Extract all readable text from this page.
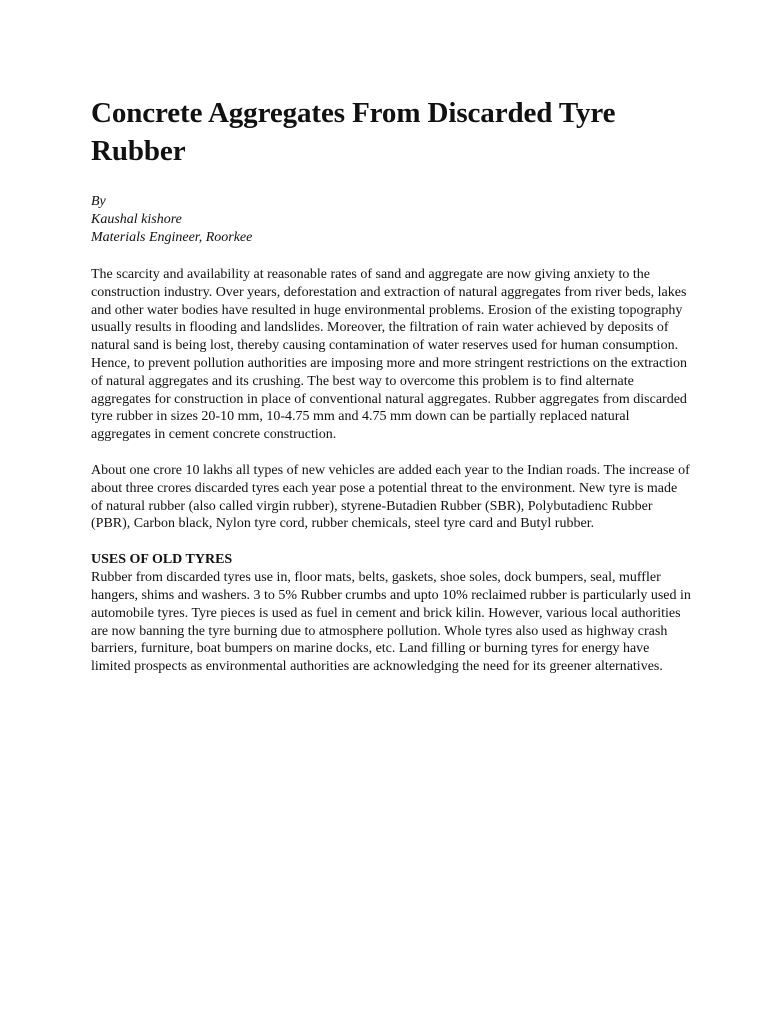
Concrete Aggregates From Discarded Tyre Rubber
By
Kaushal kishore
Materials Engineer, Roorkee

The scarcity and availability at reasonable rates of sand and aggregate are now giving anxiety to the construction industry. Over years, deforestation and extraction of natural aggregates from river beds, lakes and other water bodies have resulted in huge environmental problems. Erosion of the existing topography usually results in flooding and landslides. Moreover, the filtration of rain water achieved by deposits of natural sand is being lost, thereby causing contamination of water reserves used for human consumption. Hence, to prevent pollution authorities are imposing more and more stringent restrictions on the extraction of natural aggregates and its crushing. The best way to overcome this problem is to find alternate aggregates for construction in place of conventional natural aggregates. Rubber aggregates from discarded tyre rubber in sizes 20-10 mm, 10-4.75 mm and 4.75 mm down can be partially replaced natural aggregates in cement concrete construction.

About one crore 10 lakhs all types of new vehicles are added each year to the Indian roads. The increase of about three crores discarded tyres each year pose a potential threat to the environment. New tyre is made of natural rubber (also called virgin rubber), styrene-Butadien Rubber (SBR), Polybutadienc Rubber (PBR), Carbon black, Nylon tyre cord, rubber chemicals, steel tyre card and Butyl rubber.

USES OF OLD TYRES

Rubber from discarded tyres use in, floor mats, belts, gaskets, shoe soles, dock bumpers, seal, muffler hangers, shims and washers. 3 to 5% Rubber crumbs and upto 10% reclaimed rubber is particularly used in automobile tyres. Tyre pieces is used as fuel in cement and brick kilin. However, various local authorities are now banning the tyre burning due to atmosphere pollution. Whole tyres also used as highway crash barriers, furniture, boat bumpers on marine docks, etc. Land filling or burning tyres for energy have limited prospects as environmental authorities are acknowledging the need for its greener alternatives.
